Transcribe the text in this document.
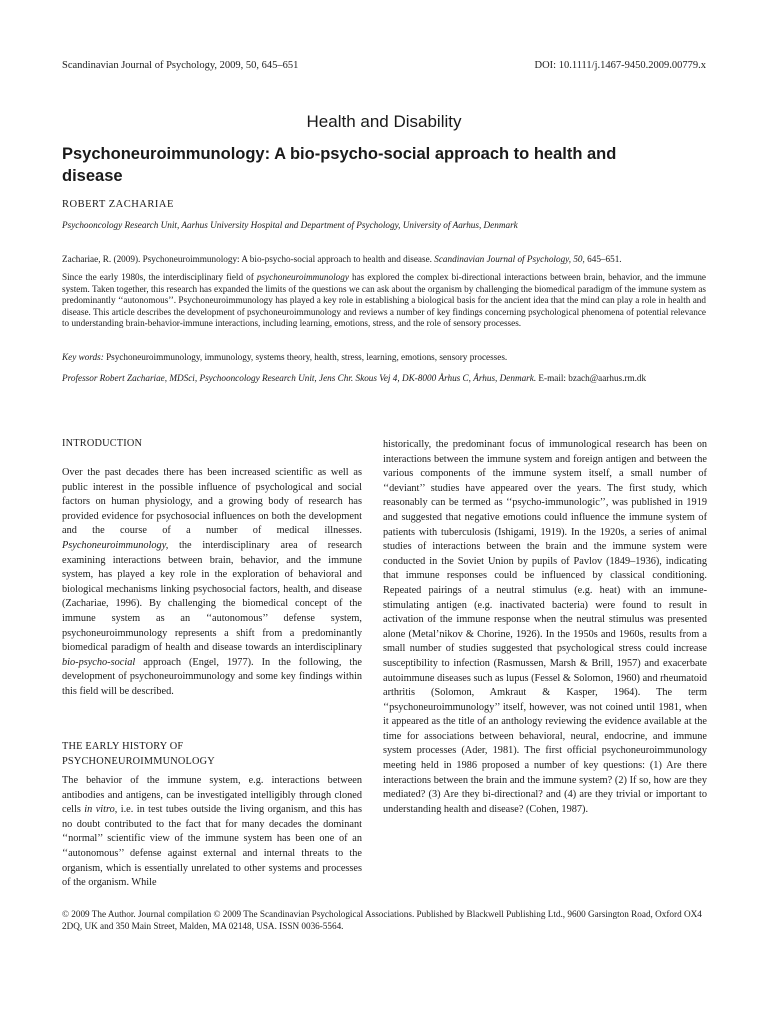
Scandinavian Journal of Psychology, 2009, 50, 645–651	DOI: 10.1111/j.1467-9450.2009.00779.x
Health and Disability
Psychoneuroimmunology: A bio-psycho-social approach to health and disease
ROBERT ZACHARIAE
Psychooncology Research Unit, Aarhus University Hospital and Department of Psychology, University of Aarhus, Denmark
Zachariae, R. (2009). Psychoneuroimmunology: A bio-psycho-social approach to health and disease. Scandinavian Journal of Psychology, 50, 645–651.
Since the early 1980s, the interdisciplinary field of psychoneuroimmunology has explored the complex bi-directional interactions between brain, behavior, and the immune system. Taken together, this research has expanded the limits of the questions we can ask about the organism by challenging the biomedical paradigm of the immune system as predominantly ‘‘autonomous’’. Psychoneuroimmunology has played a key role in establishing a biological basis for the ancient idea that the mind can play a role in health and disease. This article describes the development of psychoneuroimmunology and reviews a number of key findings concerning psychological phenomena of potential relevance to understanding brain-behavior-immune interactions, including learning, emotions, stress, and the role of sensory processes.
Key words: Psychoneuroimmunology, immunology, systems theory, health, stress, learning, emotions, sensory processes.
Professor Robert Zachariae, MDSci, Psychooncology Research Unit, Jens Chr. Skous Vej 4, DK-8000 Århus C, Århus, Denmark. E-mail: bzach@aarhus.rm.dk
INTRODUCTION
Over the past decades there has been increased scientific as well as public interest in the possible influence of psychological and social factors on human physiology, and a growing body of research has provided evidence for psychosocial influences on both the development and the course of a number of medical illnesses. Psychoneuroimmunology, the interdisciplinary area of research examining interactions between brain, behavior, and the immune system, has played a key role in the exploration of behavioral and biological mechanisms linking psychosocial factors, health, and disease (Zachariae, 1996). By challenging the biomedical concept of the immune system as an ‘‘autonomous’’ defense system, psychoneuroimmunology represents a shift from a predominantly biomedical paradigm of health and disease towards an interdisciplinary bio-psycho-social approach (Engel, 1977). In the following, the development of psychoneuroimmunology and some key findings within this field will be described.
THE EARLY HISTORY OF
PSYCHONEUROIMMUNOLOGY
The behavior of the immune system, e.g. interactions between antibodies and antigens, can be investigated intelligibly through cloned cells in vitro, i.e. in test tubes outside the living organism, and this has no doubt contributed to the fact that for many decades the dominant ‘‘normal’’ scientific view of the immune system has been one of an ‘‘autonomous’’ defense against external and internal threats to the organism, which is essentially unrelated to other systems and processes of the organism. While
historically, the predominant focus of immunological research has been on interactions between the immune system and foreign antigen and between the various components of the immune system itself, a small number of ‘‘deviant’’ studies have appeared over the years. The first study, which reasonably can be termed as ‘‘psycho-immunologic’’, was published in 1919 and suggested that negative emotions could influence the immune system of patients with tuberculosis (Ishigami, 1919). In the 1920s, a series of animal studies of interactions between the brain and the immune system were conducted in the Soviet Union by pupils of Pavlov (1849–1936), indicating that immune responses could be influenced by classical conditioning. Repeated pairings of a neutral stimulus (e.g. heat) with an immune-stimulating antigen (e.g. inactivated bacteria) were found to result in activation of the immune response when the neutral stimulus was presented alone (Metal’nikov & Chorine, 1926). In the 1950s and 1960s, results from a small number of studies suggested that psychological stress could increase susceptibility to infection (Rasmussen, Marsh & Brill, 1957) and exacerbate autoimmune diseases such as lupus (Fessel & Solomon, 1960) and rheumatoid arthritis (Solomon, Amkraut & Kasper, 1964). The term ‘‘psychoneuroimmunology’’ itself, however, was not coined until 1981, when it appeared as the title of an anthology reviewing the evidence available at the time for associations between behavioral, neural, endocrine, and immune system processes (Ader, 1981). The first official psychoneuroimmunology meeting held in 1986 proposed a number of key questions: (1) Are there interactions between the brain and the immune system? (2) If so, how are they mediated? (3) Are they bi-directional? and (4) are they trivial or important to understanding health and disease? (Cohen, 1987).
© 2009 The Author. Journal compilation © 2009 The Scandinavian Psychological Associations. Published by Blackwell Publishing Ltd., 9600 Garsington Road, Oxford OX4 2DQ, UK and 350 Main Street, Malden, MA 02148, USA. ISSN 0036-5564.
